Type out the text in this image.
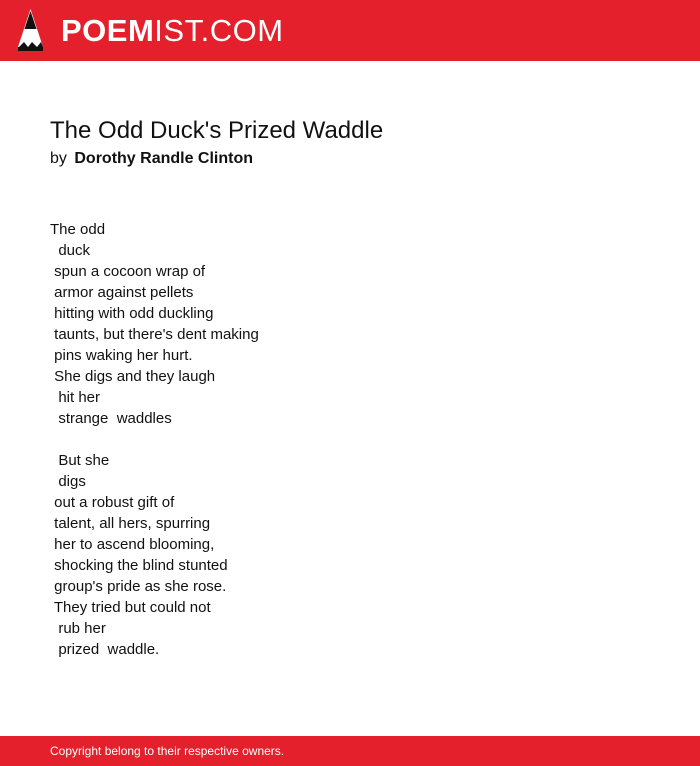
POEMIST.COM
The Odd Duck's Prized Waddle
by Dorothy Randle Clinton
The odd
duck
spun a cocoon wrap of
armor against pellets
hitting with odd duckling
taunts, but there's dent making
pins waking her hurt.
She digs and they laugh
hit her
strange  waddles
But she
digs
out a robust gift of
talent, all hers, spurring
her to ascend blooming,
shocking the blind stunted
group's pride as she rose.
They tried but could not
rub her
prized  waddle.
Copyright belong to their respective owners.
